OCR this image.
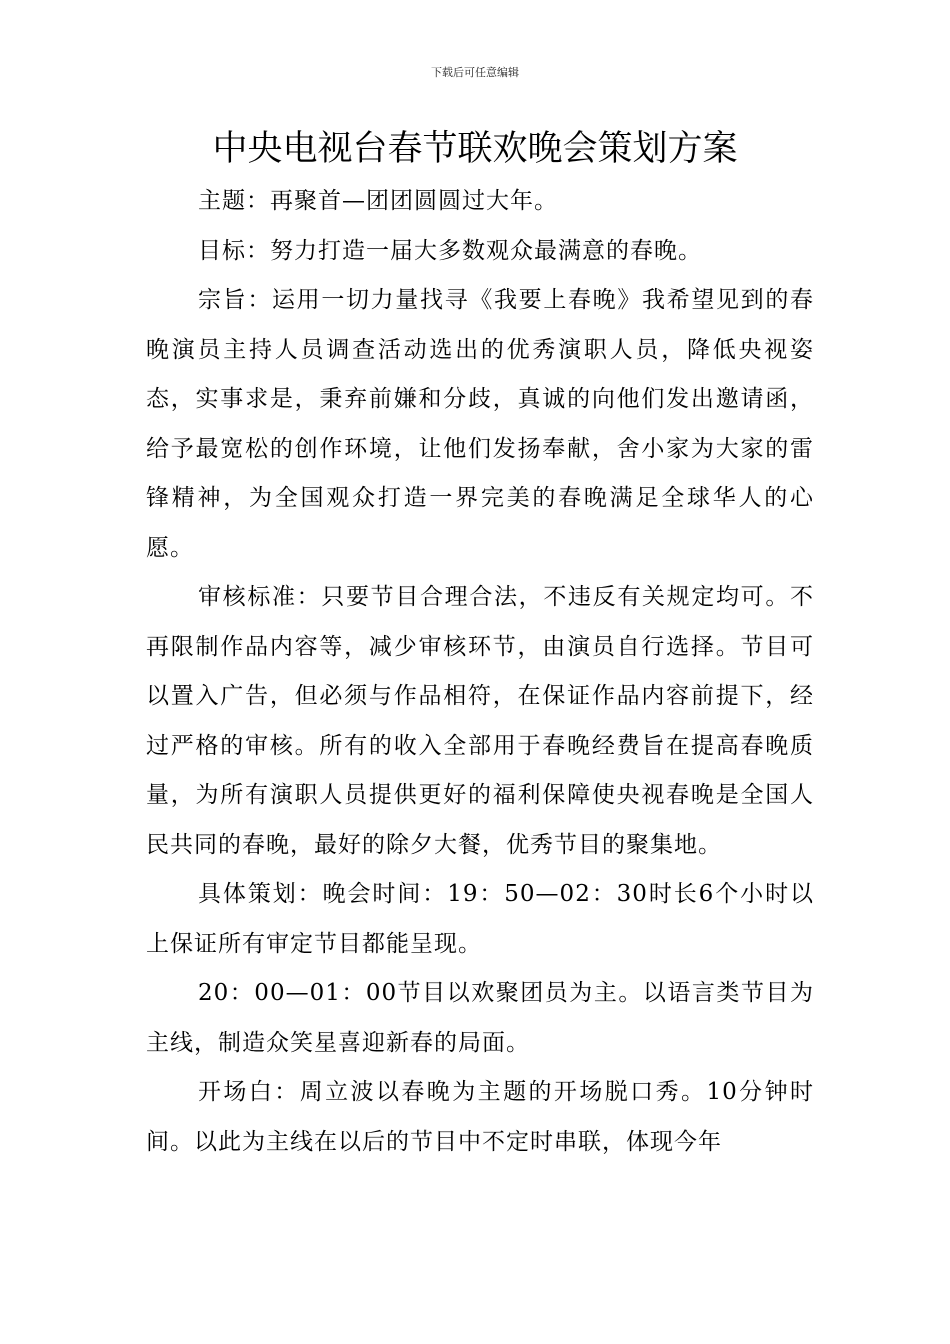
下载后可任意编辑
中央电视台春节联欢晚会策划方案

主题：再聚首—团团圆圆过大年。

目标：努力打造一届大多数观众最满意的春晚。

宗旨：运用一切力量找寻《我要上春晚》我希望见到的春晚演员主持人员调查活动选出的优秀演职人员，降低央视姿态，实事求是，秉弃前嫌和分歧，真诚的向他们发出邀请函，给予最宽松的创作环境，让他们发扬奉献，舍小家为大家的雷锋精神，为全国观众打造一界完美的春晚满足全球华人的心愿。

审核标准：只要节目合理合法，不违反有关规定均可。不再限制作品内容等，减少审核环节，由演员自行选择。节目可以置入广告，但必须与作品相符，在保证作品内容前提下，经过严格的审核。所有的收入全部用于春晚经费旨在提高春晚质量，为所有演职人员提供更好的福利保障使央视春晚是全国人民共同的春晚，最好的除夕大餐，优秀节目的聚集地。

具体策划：晚会时间：19：50—02：30时长6个小时以上保证所有审定节目都能呈现。

20：00—01：00节目以欢聚团员为主。以语言类节目为主线，制造众笑星喜迎新春的局面。

开场白：周立波以春晚为主题的开场脱口秀。10分钟时间。以此为主线在以后的节目中不定时串联，体现今年
